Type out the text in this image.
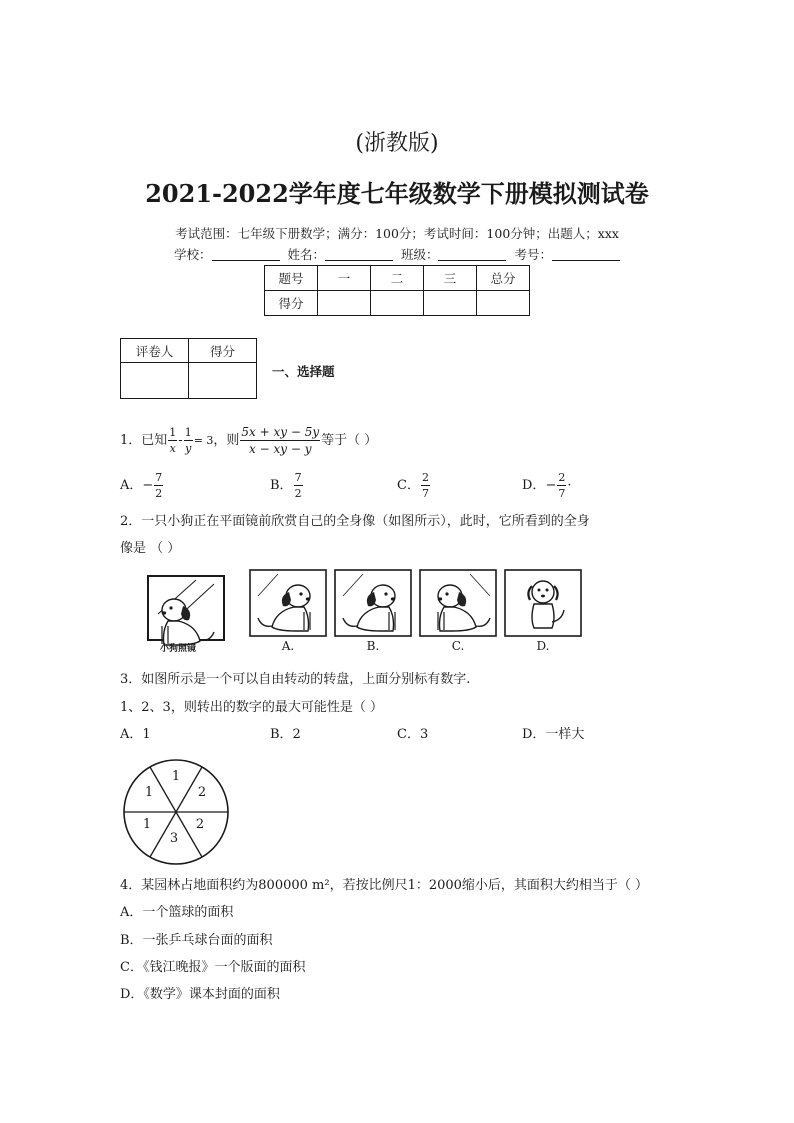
(浙教版)
2021-2022学年度七年级数学下册模拟测试卷
考试范围：七年级下册数学；满分：100分；考试时间：100分钟；出题人；xxx
学校：	姓名：	班级：	考号：
题号	一	二	三	总分
得分				
评卷人	得分

一、选择题
1．已知 $\frac{1}{x} - \frac{1}{y} = 3$，则 $\frac{5x + xy - 5y}{x - xy - y}$ 等于（ ）
A．− $\frac{7}{2}$	B． $\frac{7}{2}$	C． $\frac{2}{7}$	D．− $\frac{2}{7}$ ·
2．一只小狗正在平面镜前欣赏自己的全身像（如图所示），此时，它所看到的全身
像是 （ ）
小狗照镜	A.	B.	C.	D.
3．如图所示是一个可以自由转动的转盘，上面分别标有数字.
1、2、3，则转出的数字的最大可能性是（ ）
A．1	B．2	C．3	D．一样大
1
2
2
3
1
1
4．某园林占地面积约为800000 m²，若按比例尺1：2000缩小后，其面积大约相当于（ ）
A．一个篮球的面积
B．一张乒乓球台面的面积
C．《钱江晚报》一个版面的面积
D．《数学》课本封面的面积
